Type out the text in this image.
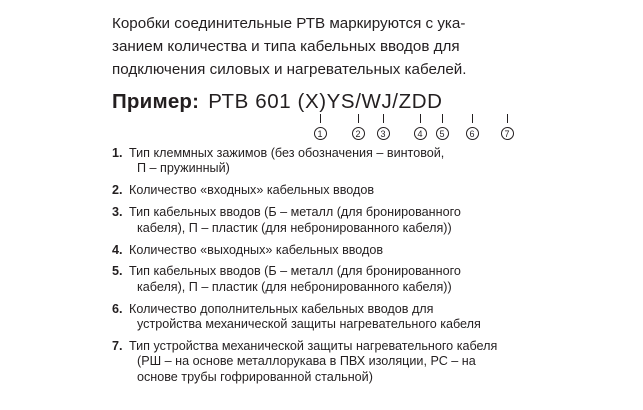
Коробки соединительные РТВ маркируются с ука-
занием количества и типа кабельных вводов для
подключения силовых и нагревательных кабелей.

Пример: РТВ 601 (Х)YS/WJ/ZDD
1	2	3	4	5	6	7
1. Тип клеммных зажимов (без обозначения – винтовой,
П – пружинный)
2. Количество «входных» кабельных вводов
3. Тип кабельных вводов (Б – металл (для бронированного
кабеля), П – пластик (для небронированного кабеля))
4. Количество «выходных» кабельных вводов
5. Тип кабельных вводов (Б – металл (для бронированного
кабеля), П – пластик (для небронированного кабеля))
6. Количество дополнительных кабельных вводов для
устройства механической защиты нагревательного кабеля
7. Тип устройства механической защиты нагревательного кабеля
(РШ – на основе металлорукава в ПВХ изоляции, РС – на
основе трубы гофрированной стальной)
